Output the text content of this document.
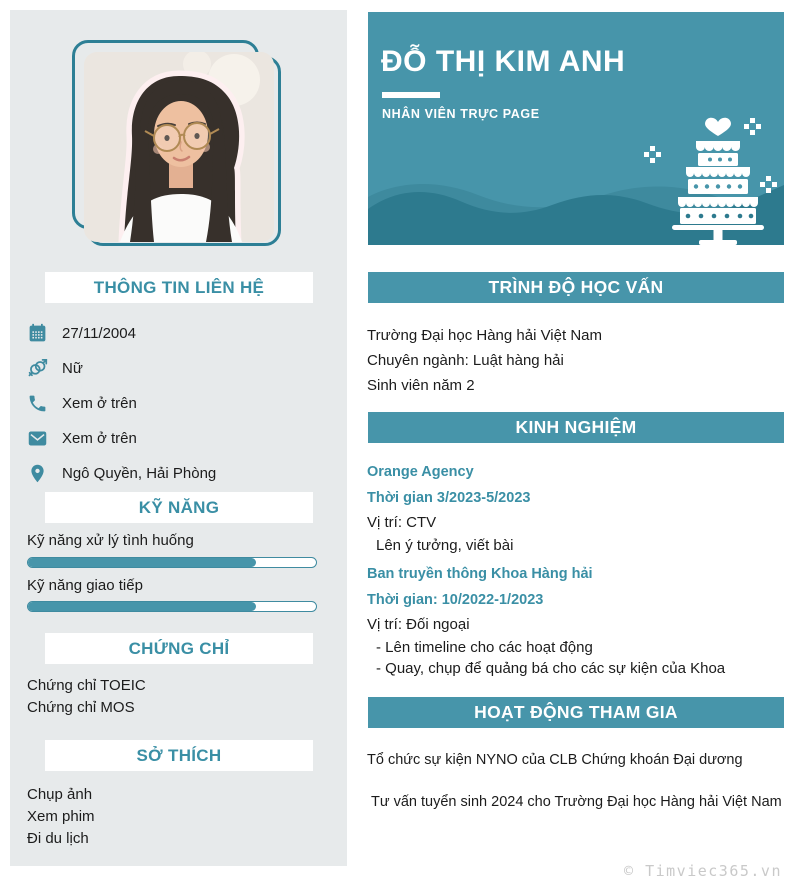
THÔNG TIN LIÊN HỆ
27/11/2004
Nữ
Xem ở trên
Xem ở trên
Ngô Quyền, Hải Phòng
KỸ NĂNG
Kỹ năng xử lý tình huống
Kỹ năng giao tiếp
CHỨNG CHỈ
Chứng chỉ TOEIC
Chứng chỉ MOS
SỞ THÍCH
Chụp ảnh
Xem phim
Đi du lịch
ĐỖ THỊ KIM ANH
NHÂN VIÊN TRỰC PAGE
TRÌNH ĐỘ HỌC VẤN
Trường Đại học Hàng hải Việt Nam
Chuyên ngành: Luật hàng hải
Sinh viên năm 2
KINH NGHIỆM
Orange Agency
Thời gian 3/2023-5/2023
Vị trí: CTV
Lên ý tưởng, viết bài
Ban truyền thông Khoa Hàng hải
Thời gian: 10/2022-1/2023
Vị trí: Đối ngoại
- Lên timeline cho các hoạt động
- Quay, chụp để quảng bá cho các sự kiện của Khoa
HOẠT ĐỘNG THAM GIA
Tổ chức sự kiện NYNO của CLB Chứng khoán Đại dương
Tư vấn tuyển sinh 2024 cho Trường Đại học Hàng hải Việt Nam
© Timviec365.vn
